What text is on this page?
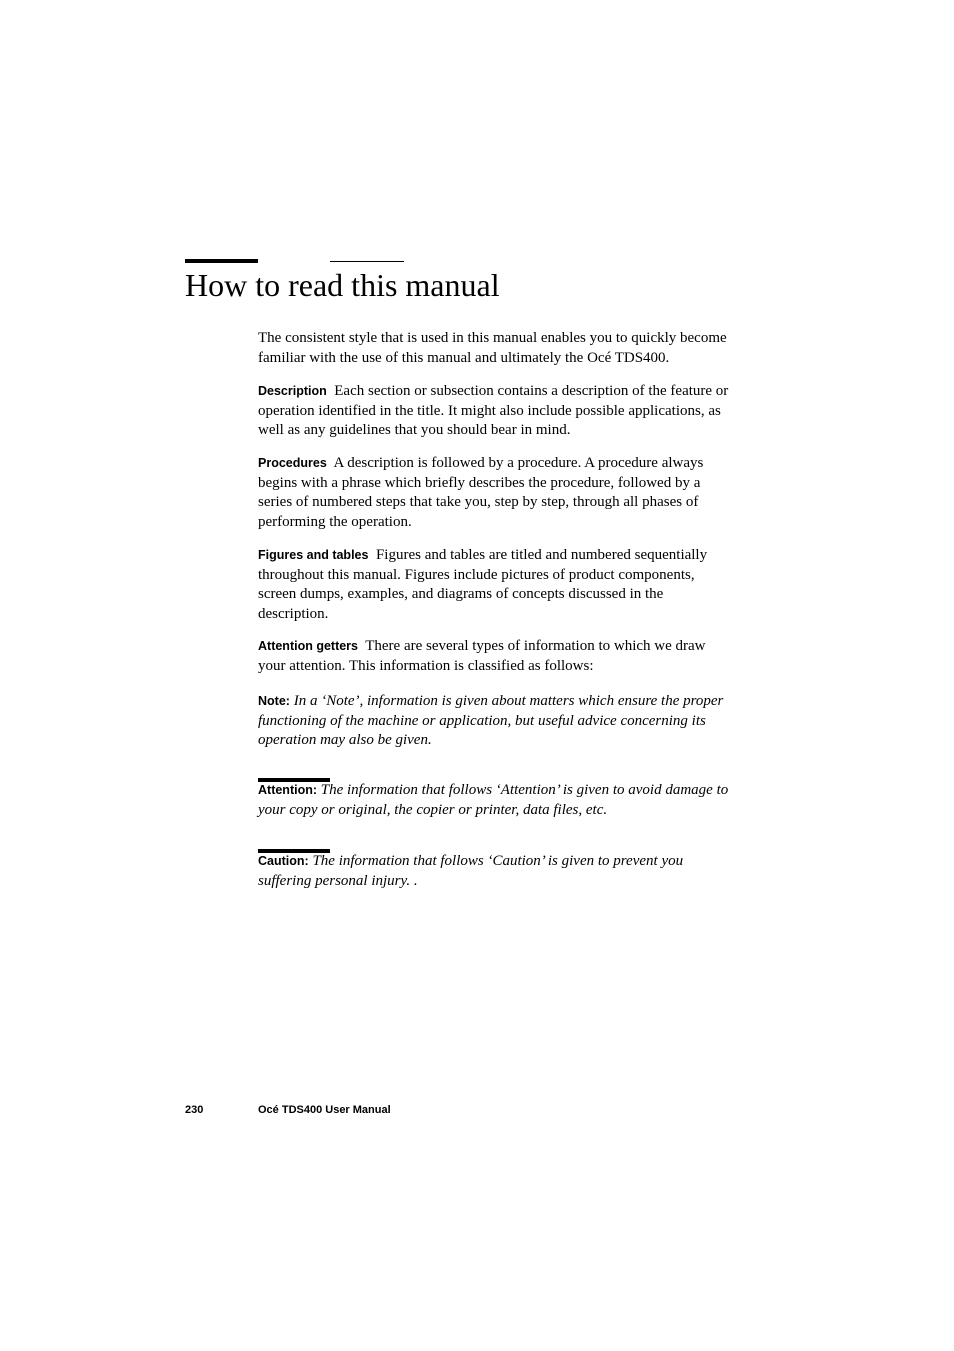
How to read this manual

The consistent style that is used in this manual enables you to quickly become familiar with the use of this manual and ultimately the Océ TDS400.

Description Each section or subsection contains a description of the feature or operation identified in the title. It might also include possible applications, as well as any guidelines that you should bear in mind.

Procedures A description is followed by a procedure. A procedure always begins with a phrase which briefly describes the procedure, followed by a series of numbered steps that take you, step by step, through all phases of performing the operation.

Figures and tables Figures and tables are titled and numbered sequentially throughout this manual. Figures include pictures of product components, screen dumps, examples, and diagrams of concepts discussed in the description.

Attention getters There are several types of information to which we draw your attention. This information is classified as follows:

Note: In a ‘Note’, information is given about matters which ensure the proper functioning of the machine or application, but useful advice concerning its operation may also be given.

Attention: The information that follows ‘Attention’ is given to avoid damage to your copy or original, the copier or printer, data files, etc.

Caution: The information that follows ‘Caution’ is given to prevent you suffering personal injury. .

230	Océ TDS400 User Manual
